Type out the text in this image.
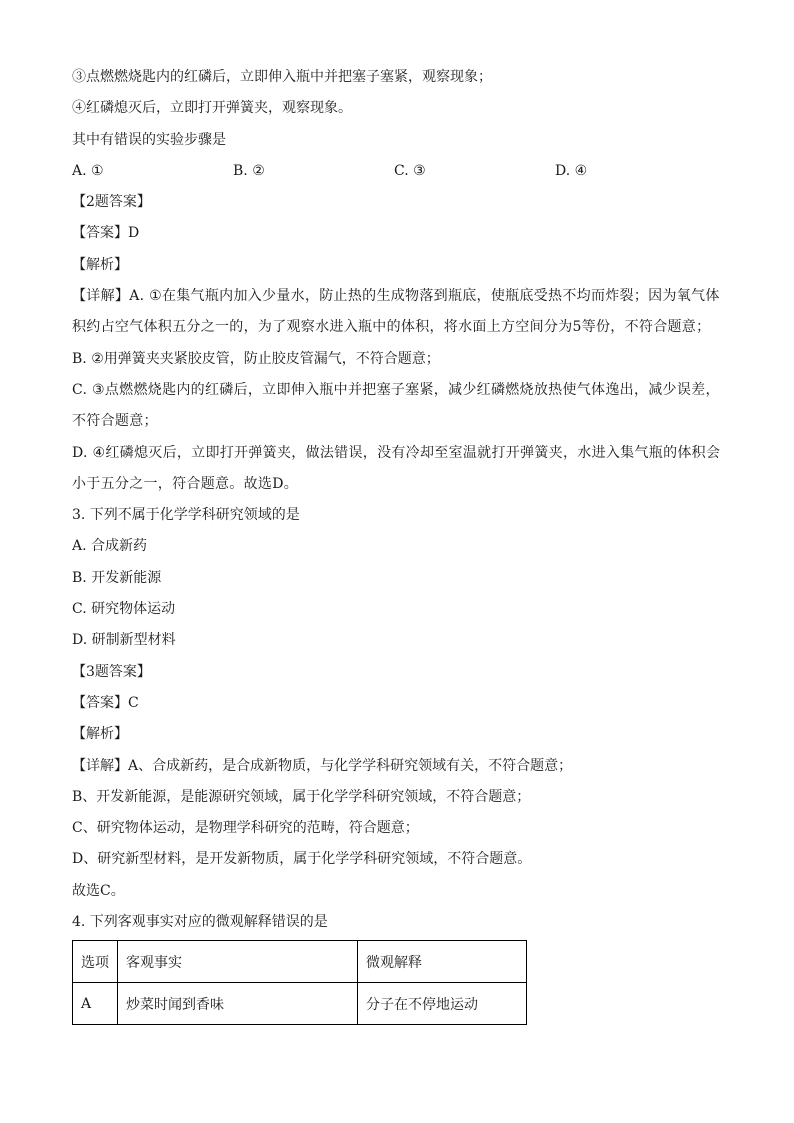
③点燃燃烧匙内的红磷后，立即伸入瓶中并把塞子塞紧，观察现象；
④红磷熄灭后，立即打开弹簧夹，观察现象。
其中有错误的实验步骤是
A. ①	B. ②	C. ③	D. ④
【2题答案】
【答案】D
【解析】
【详解】A. ①在集气瓶内加入少量水，防止热的生成物落到瓶底，使瓶底受热不均而炸裂；因为氧气体积约占空气体积五分之一的，为了观察水进入瓶中的体积，将水面上方空间分为5等份，不符合题意；
B. ②用弹簧夹夹紧胶皮管，防止胶皮管漏气，不符合题意；
C. ③点燃燃烧匙内的红磷后，立即伸入瓶中并把塞子塞紧，减少红磷燃烧放热使气体逸出，减少误差，不符合题意；
D. ④红磷熄灭后，立即打开弹簧夹，做法错误，没有冷却至室温就打开弹簧夹，水进入集气瓶的体积会小于五分之一，符合题意。故选D。
3. 下列不属于化学学科研究领域的是
A. 合成新药
B. 开发新能源
C. 研究物体运动
D. 研制新型材料
【3题答案】
【答案】C
【解析】
【详解】A、合成新药，是合成新物质，与化学学科研究领域有关，不符合题意；
B、开发新能源，是能源研究领域，属于化学学科研究领域，不符合题意；
C、研究物体运动，是物理学科研究的范畴，符合题意；
D、研究新型材料，是开发新物质，属于化学学科研究领域，不符合题意。
故选C。
4. 下列客观事实对应的微观解释错误的是
选项	客观事实	微观解释
A	炒菜时闻到香味	分子在不停地运动
